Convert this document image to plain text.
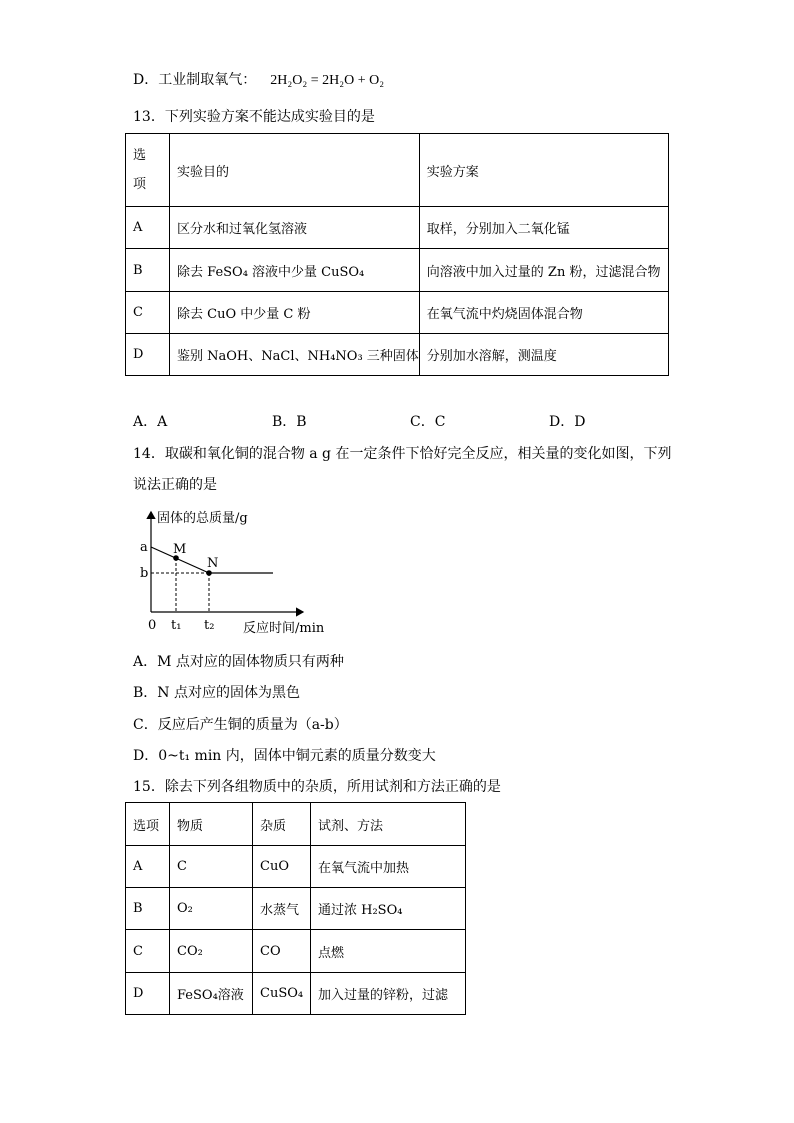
D．工业制取氧气： 2H₂O₂ = 2H₂O + O₂
13．下列实验方案不能达成实验目的是
选
项	实验目的	实验方案
A	区分水和过氧化氢溶液	取样，分别加入二氧化锰
B	除去 FeSO₄ 溶液中少量 CuSO₄	向溶液中加入过量的 Zn 粉，过滤混合物
C	除去 CuO 中少量 C 粉	在氧气流中灼烧固体混合物
D	鉴别 NaOH、NaCl、NH₄NO₃ 三种固体	分别加水溶解，测温度
A．A	B．B	C．C	D．D
14．取碳和氧化铜的混合物 a g 在一定条件下恰好完全反应，相关量的变化如图，下列
说法正确的是
固体的总质量/g
a
b
M
N
0 t₁ t₂ 反应时间/min
A．M 点对应的固体物质只有两种
B．N 点对应的固体为黑色
C．反应后产生铜的质量为（a-b）
D．0~t₁ min 内，固体中铜元素的质量分数变大
15．除去下列各组物质中的杂质，所用试剂和方法正确的是
选项	物质	杂质	试剂、方法
A	C	CuO	在氧气流中加热
B	O₂	水蒸气	通过浓 H₂SO₄
C	CO₂	CO	点燃
D	FeSO₄溶液	CuSO₄	加入过量的锌粉，过滤
